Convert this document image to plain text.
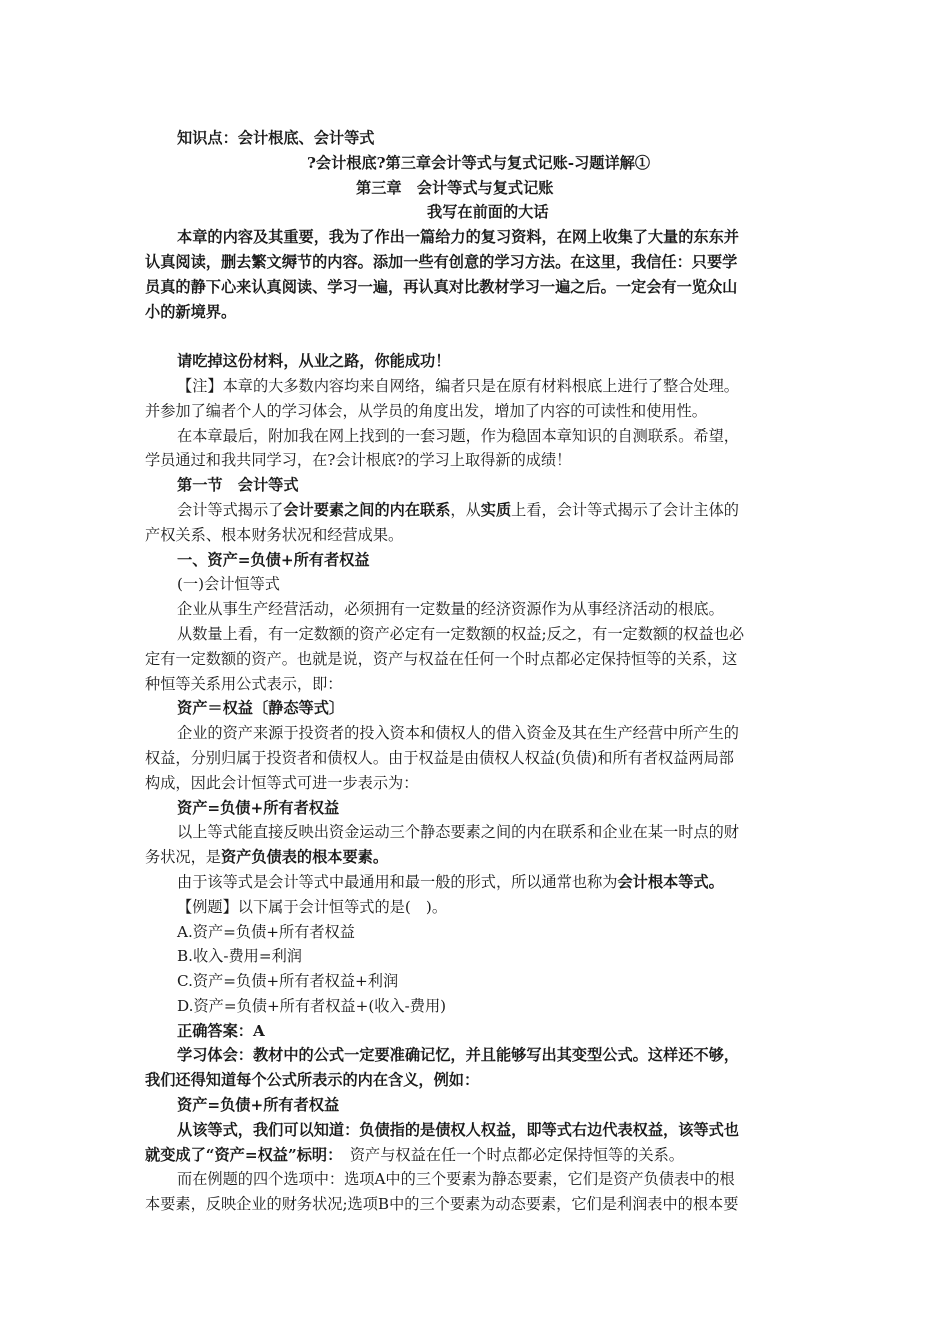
知识点：会计根底、会计等式
?会计根底?第三章会计等式与复式记账-习题详解①
第三章　会计等式与复式记账
我写在前面的大话
本章的内容及其重要，我为了作出一篇给力的复习资料，在网上收集了大量的东东并
认真阅读，删去繁文缛节的内容。添加一些有创意的学习方法。在这里，我信任：只要学
员真的静下心来认真阅读、学习一遍，再认真对比教材学习一遍之后。一定会有一览众山
小的新境界。
请吃掉这份材料，从业之路，你能成功！
【注】本章的大多数内容均来自网络，编者只是在原有材料根底上进行了整合处理。
并参加了编者个人的学习体会，从学员的角度出发，增加了内容的可读性和使用性。
在本章最后，附加我在网上找到的一套习题，作为稳固本章知识的自测联系。希望，
学员通过和我共同学习，在?会计根底?的学习上取得新的成绩！
第一节　会计等式
会计等式揭示了会计要素之间的内在联系，从实质上看，会计等式揭示了会计主体的
产权关系、根本财务状况和经营成果。
一、资产=负债+所有者权益
(一)会计恒等式
企业从事生产经营活动，必须拥有一定数量的经济资源作为从事经济活动的根底。
从数量上看，有一定数额的资产必定有一定数额的权益;反之，有一定数额的权益也必
定有一定数额的资产。也就是说，资产与权益在任何一个时点都必定保持恒等的关系，这
种恒等关系用公式表示，即：
资产＝权益〔静态等式〕
企业的资产来源于投资者的投入资本和债权人的借入资金及其在生产经营中所产生的
权益，分别归属于投资者和债权人。由于权益是由债权人权益(负债)和所有者权益两局部
构成，因此会计恒等式可进一步表示为：
资产=负债+所有者权益
以上等式能直接反映出资金运动三个静态要素之间的内在联系和企业在某一时点的财
务状况，是资产负债表的根本要素。
由于该等式是会计等式中最通用和最一般的形式，所以通常也称为会计根本等式。
【例题】以下属于会计恒等式的是(　)。
A.资产=负债+所有者权益
B.收入-费用=利润
C.资产=负债+所有者权益+利润
D.资产=负债+所有者权益+(收入-费用)
正确答案：A
学习体会：教材中的公式一定要准确记忆，并且能够写出其变型公式。这样还不够，
我们还得知道每个公式所表示的内在含义，例如：
资产=负债+所有者权益
从该等式，我们可以知道：负债指的是债权人权益，即等式右边代表权益，该等式也
就变成了“资产=权益”标明：　资产与权益在任一个时点都必定保持恒等的关系。
而在例题的四个选项中：选项A中的三个要素为静态要素，它们是资产负债表中的根
本要素，反映企业的财务状况;选项B中的三个要素为动态要素，它们是利润表中的根本要
